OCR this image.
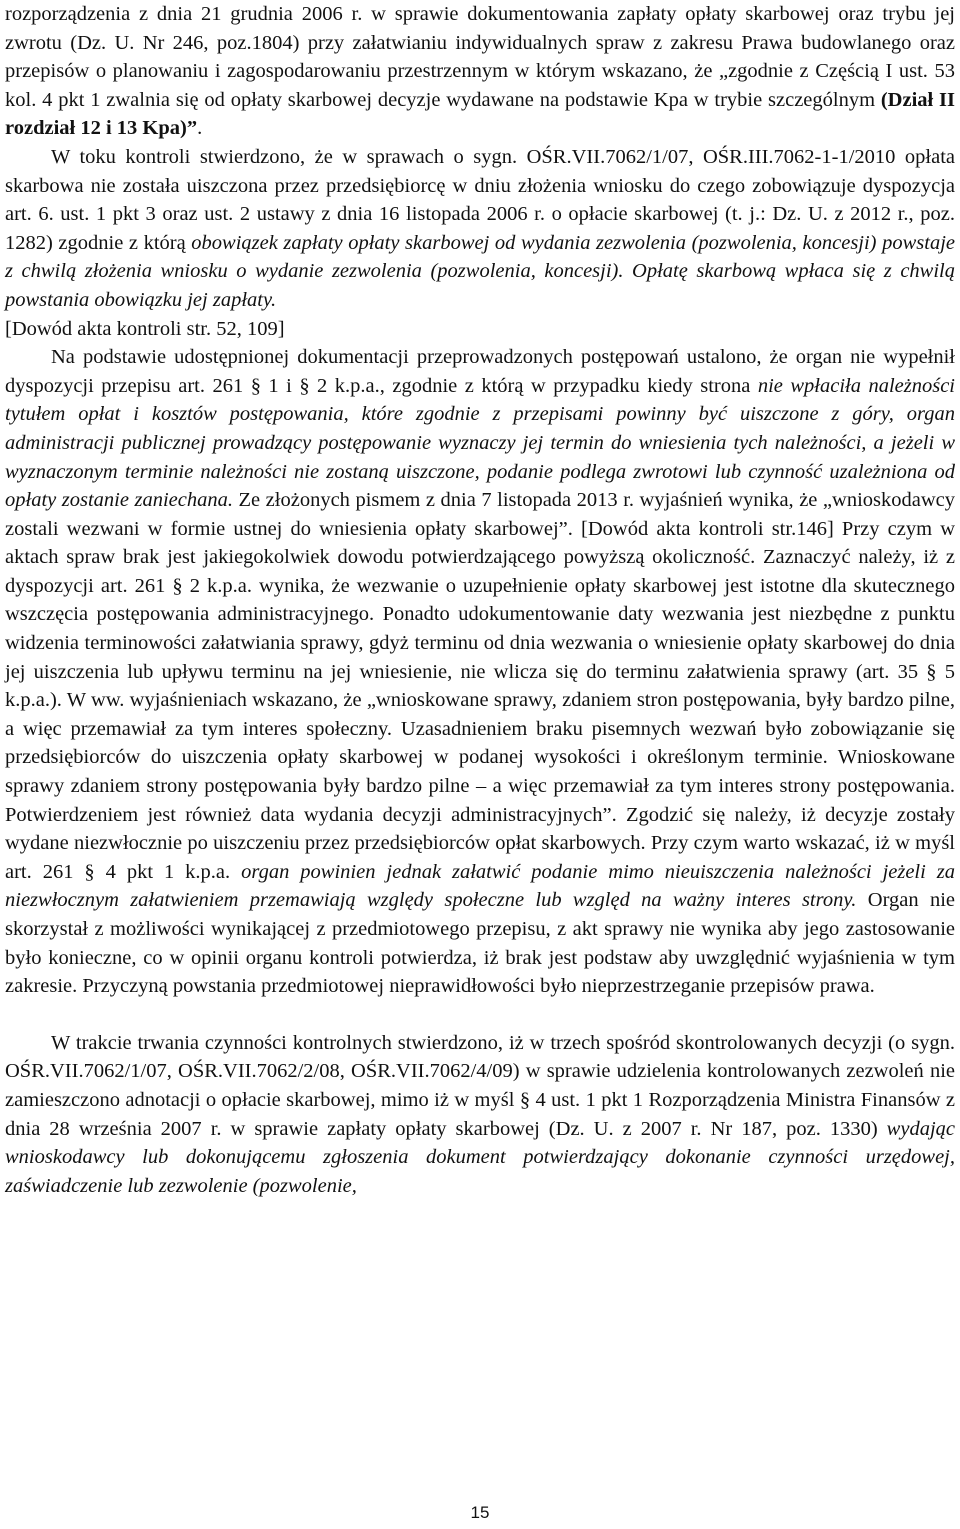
rozporządzenia z dnia 21 grudnia 2006 r. w sprawie dokumentowania zapłaty opłaty skarbowej oraz trybu jej zwrotu (Dz. U. Nr 246, poz.1804) przy załatwianiu indywidualnych spraw z zakresu Prawa budowlanego oraz przepisów o planowaniu i zagospodarowaniu przestrzennym w którym wskazano, że „zgodnie z Częścią I ust. 53 kol. 4 pkt 1 zwalnia się od opłaty skarbowej decyzje wydawane na podstawie Kpa w trybie szczególnym (Dział II rozdział 12 i 13 Kpa)”.

W toku kontroli stwierdzono, że w sprawach o sygn. OŚR.VII.7062/1/07, OŚR.III.7062-1-1/2010 opłata skarbowa nie została uiszczona przez przedsiębiorcę w dniu złożenia wniosku do czego zobowiązuje dyspozycja art. 6. ust. 1 pkt 3 oraz ust. 2 ustawy z dnia 16 listopada 2006 r. o opłacie skarbowej (t. j.: Dz. U. z 2012 r., poz. 1282) zgodnie z którą obowiązek zapłaty opłaty skarbowej od wydania zezwolenia (pozwolenia, koncesji) powstaje z chwilą złożenia wniosku o wydanie zezwolenia (pozwolenia, koncesji). Opłatę skarbową wpłaca się z chwilą powstania obowiązku jej zapłaty.

[Dowód akta kontroli str. 52, 109]

Na podstawie udostępnionej dokumentacji przeprowadzonych postępowań ustalono, że organ nie wypełnił dyspozycji przepisu art. 261 § 1 i § 2 k.p.a., zgodnie z którą w przypadku kiedy strona nie wpłaciła należności tytułem opłat i kosztów postępowania, które zgodnie z przepisami powinny być uiszczone z góry, organ administracji publicznej prowadzący postępowanie wyznaczy jej termin do wniesienia tych należności, a jeżeli w wyznaczonym terminie należności nie zostaną uiszczone, podanie podlega zwrotowi lub czynność uzależniona od opłaty zostanie zaniechana. Ze złożonych pismem z dnia 7 listopada 2013 r. wyjaśnień wynika, że „wnioskodawcy zostali wezwani w formie ustnej do wniesienia opłaty skarbowej”. [Dowód akta kontroli str.146] Przy czym w aktach spraw brak jest jakiegokolwiek dowodu potwierdzającego powyższą okoliczność. Zaznaczyć należy, iż z dyspozycji art. 261 § 2 k.p.a. wynika, że wezwanie o uzupełnienie opłaty skarbowej jest istotne dla skutecznego wszczęcia postępowania administracyjnego. Ponadto udokumentowanie daty wezwania jest niezbędne z punktu widzenia terminowości załatwiania sprawy, gdyż terminu od dnia wezwania o wniesienie opłaty skarbowej do dnia jej uiszczenia lub upływu terminu na jej wniesienie, nie wlicza się do terminu załatwienia sprawy (art. 35 § 5 k.p.a.). W ww. wyjaśnieniach wskazano, że „wnioskowane sprawy, zdaniem stron postępowania, były bardzo pilne, a więc przemawiał za tym interes społeczny. Uzasadnieniem braku pisemnych wezwań było zobowiązanie się przedsiębiorców do uiszczenia opłaty skarbowej w podanej wysokości i określonym terminie. Wnioskowane sprawy zdaniem strony postępowania były bardzo pilne – a więc przemawiał za tym interes strony postępowania. Potwierdzeniem jest również data wydania decyzji administracyjnych”. Zgodzić się należy, iż decyzje zostały wydane niezwłocznie po uiszczeniu przez przedsiębiorców opłat skarbowych. Przy czym warto wskazać, iż w myśl art. 261 § 4 pkt 1 k.p.a. organ powinien jednak załatwić podanie mimo nieuiszczenia należności jeżeli za niezwłocznym załatwieniem przemawiają względy społeczne lub względ na ważny interes strony. Organ nie skorzystał z możliwości wynikającej z przedmiotowego przepisu, z akt sprawy nie wynika aby jego zastosowanie było konieczne, co w opinii organu kontroli potwierdza, iż brak jest podstaw aby uwzględnić wyjaśnienia w tym zakresie. Przyczyną powstania przedmiotowej nieprawidłowości było nieprzestrzeganie przepisów prawa.

W trakcie trwania czynności kontrolnych stwierdzono, iż w trzech spośród skontrolowanych decyzji (o sygn. OŚR.VII.7062/1/07, OŚR.VII.7062/2/08, OŚR.VII.7062/4/09) w sprawie udzielenia kontrolowanych zezwoleń nie zamieszczono adnotacji o opłacie skarbowej, mimo iż w myśl § 4 ust. 1 pkt 1 Rozporządzenia Ministra Finansów z dnia 28 września 2007 r. w sprawie zapłaty opłaty skarbowej (Dz. U. z 2007 r. Nr 187, poz. 1330) wydając wnioskodawcy lub dokonującemu zgłoszenia dokument potwierdzający dokonanie czynności urzędowej, zaświadczenie lub zezwolenie (pozwolenie,

15
